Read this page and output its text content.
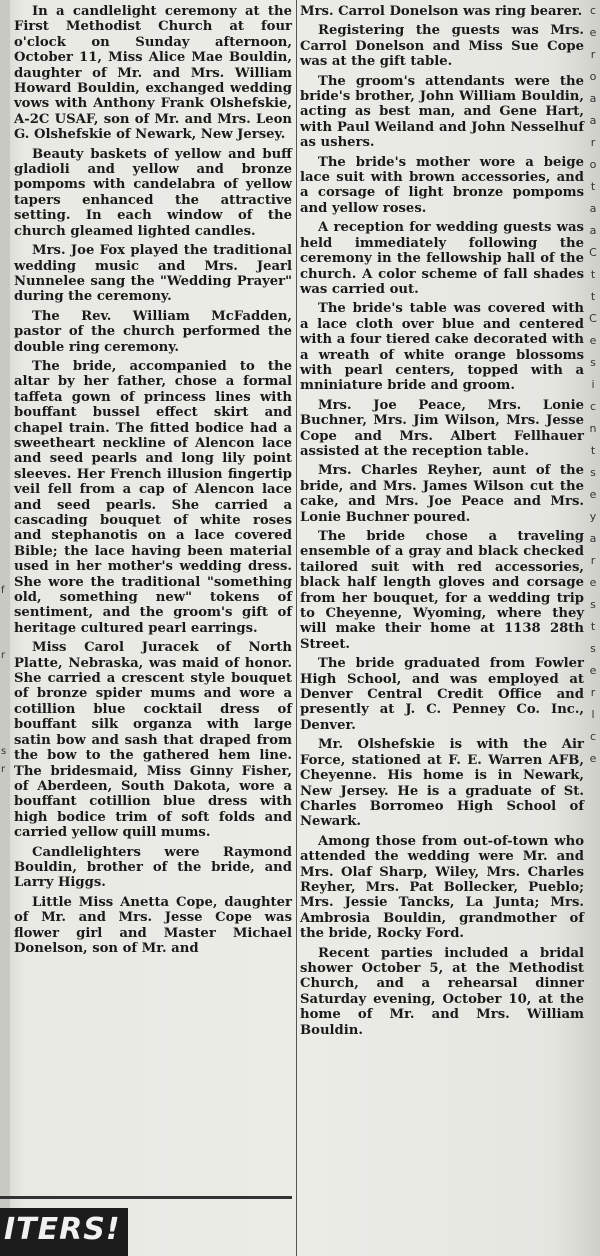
f
r
s
r

In a candlelight ceremony at the First Methodist Church at four o'clock on Sunday afternoon, October 11, Miss Alice Mae Bouldin, daughter of Mr. and Mrs. William Howard Bouldin, exchanged wedding vows with Anthony Frank Olshefskie, A-2C USAF, son of Mr. and Mrs. Leon G. Olshefskie of Newark, New Jersey.

Beauty baskets of yellow and buff gladioli and yellow and bronze pompoms with candelabra of yellow tapers enhanced the attractive setting. In each window of the church gleamed lighted candles.

Mrs. Joe Fox played the traditional wedding music and Mrs. Jearl Nunnelee sang the "Wedding Prayer" during the ceremony.

The Rev. William McFadden, pastor of the church performed the double ring ceremony.

The bride, accompanied to the altar by her father, chose a formal taffeta gown of princess lines with bouffant bussel effect skirt and chapel train. The fitted bodice had a sweetheart neckline of Alencon lace and seed pearls and long lily point sleeves. Her French illusion fingertip veil fell from a cap of Alencon lace and seed pearls. She carried a cascading bouquet of white roses and stephanotis on a lace covered Bible; the lace having been material used in her mother's wedding dress. She wore the traditional "something old, something new" tokens of sentiment, and the groom's gift of heritage cultured pearl earrings.

Miss Carol Juracek of North Platte, Nebraska, was maid of honor. She carried a crescent style bouquet of bronze spider mums and wore a cotillion blue cocktail dress of bouffant silk organza with large satin bow and sash that draped from the bow to the gathered hem line. The bridesmaid, Miss Ginny Fisher, of Aberdeen, South Dakota, wore a bouffant cotillion blue dress with high bodice trim of soft folds and carried yellow quill mums.

Candlelighters were Raymond Bouldin, brother of the bride, and Larry Higgs.

Little Miss Anetta Cope, daughter of Mr. and Mrs. Jesse Cope was flower girl and Master Michael Donelson, son of Mr. and

Mrs. Carrol Donelson was ring bearer.

Registering the guests was Mrs. Carrol Donelson and Miss Sue Cope was at the gift table.

The groom's attendants were the bride's brother, John William Bouldin, acting as best man, and Gene Hart, with Paul Weiland and John Nesselhuf as ushers.

The bride's mother wore a beige lace suit with brown accessories, and a corsage of light bronze pompoms and yellow roses.

A reception for wedding guests was held immediately following the ceremony in the fellowship hall of the church. A color scheme of fall shades was carried out.

The bride's table was covered with a lace cloth over blue and centered with a four tiered cake decorated with a wreath of white orange blossoms with pearl centers, topped with a mniniature bride and groom.

Mrs. Joe Peace, Mrs. Lonie Buchner, Mrs. Jim Wilson, Mrs. Jesse Cope and Mrs. Albert Fellhauer assisted at the reception table.

Mrs. Charles Reyher, aunt of the bride, and Mrs. James Wilson cut the cake, and Mrs. Joe Peace and Mrs. Lonie Buchner poured.

The bride chose a traveling ensemble of a gray and black checked tailored suit with red accessories, black half length gloves and corsage from her bouquet, for a wedding trip to Cheyenne, Wyoming, where they will make their home at 1138 28th Street.

The bride graduated from Fowler High School, and was employed at Denver Central Credit Office and presently at J. C. Penney Co. Inc., Denver.

Mr. Olshefskie is with the Air Force, stationed at F. E. Warren AFB, Cheyenne. His home is in Newark, New Jersey. He is a graduate of St. Charles Borromeo High School of Newark.

Among those from out-of-town who attended the wedding were Mr. and Mrs. Olaf Sharp, Wiley, Mrs. Charles Reyher, Mrs. Pat Bollecker, Pueblo; Mrs. Jessie Tancks, La Junta; Mrs. Ambrosia Bouldin, grandmother of the bride, Rocky Ford.

Recent parties included a bridal shower October 5, at the Methodist Church, and a rehearsal dinner Saturday evening, October 10, at the home of Mr. and Mrs. William Bouldin.

c
e
r
o
a
a
r
o
t
a
a
C
t
t
C
e
s
i
c
n
t
s
e
y
a
r
e
s
t
s
e
r
l
c
e
ITERS!
